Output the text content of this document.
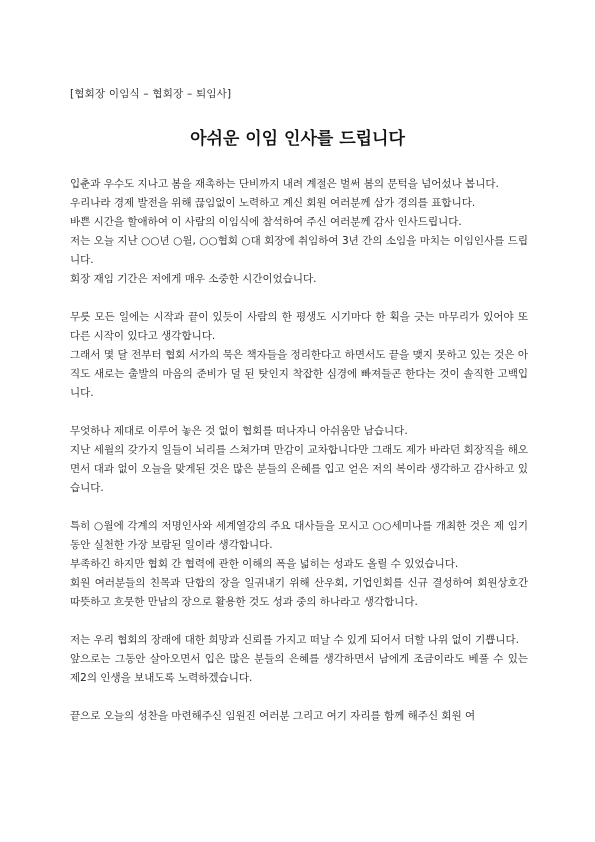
[협회장 이임식 – 협회장 – 퇴임사]
아쉬운 이임 인사를 드립니다
입춘과 우수도 지나고 봄을 재촉하는 단비까지 내려 계절은 벌써 봄의 문턱을 넘어섰나 봅니다.
우리나라 경제 발전을 위해 끊임없이 노력하고 계신 회원 여러분께 삼가 경의를 표합니다.
바쁜 시간을 할애하여 이 사람의 이임식에 참석하여 주신 여러분께 감사 인사드립니다.
저는 오늘 지난 ○○년 ○월, ○○협회 ○대 회장에 취임하여 3년 간의 소임을 마치는 이임인사를 드립니다.
회장 재임 기간은 저에게 매우 소중한 시간이었습니다.
무릇 모든 일에는 시작과 끝이 있듯이 사람의 한 평생도 시기마다 한 획을 긋는 마무리가 있어야 또 다른 시작이 있다고 생각합니다.
그래서 몇 달 전부터 협회 서가의 묵은 책자들을 정리한다고 하면서도 끝을 맺지 못하고 있는 것은 아직도 새로는 출발의 마음의 준비가 덜 된 탓인지 착잡한 심경에 빠져들곤 한다는 것이 솔직한 고백입니다.
무엇하나 제대로 이루어 놓은 것 없이 협회를 떠나자니 아쉬움만 남습니다.
지난 세월의 갖가지 일들이 뇌리를 스쳐가며 만감이 교차합니다만 그래도 제가 바라던 회장직을 해오면서 대과 없이 오늘을 맞게된 것은 많은 분들의 은혜를 입고 얻은 저의 복이라 생각하고 감사하고 있습니다.
특히 ○월에 각계의 저명인사와 세계열강의 주요 대사들을 모시고 ○○세미나를 개최한 것은 제 임기 동안 실천한 가장 보람된 일이라 생각합니다.
부족하긴 하지만 협회 간 협력에 관한 이해의 폭을 넓히는 성과도 올릴 수 있었습니다.
회원 여러분들의 친목과 단합의 장을 일궈내기 위해 산우회, 기업인회를 신규 결성하여 회원상호간 따뜻하고 흐뭇한 만남의 장으로 활용한 것도 성과 중의 하나라고 생각합니다.
저는 우리 협회의 장래에 대한 희망과 신뢰를 가지고 떠날 수 있게 되어서 더할 나위 없이 기쁩니다.
앞으로는 그동안 살아오면서 입은 많은 분들의 은혜를 생각하면서 남에게 조금이라도 베풀 수 있는 제2의 인생을 보내도록 노력하겠습니다.
끝으로 오늘의 성찬을 마련해주신 임원진 여러분 그리고 여기 자리를 함께 해주신 회원 여
